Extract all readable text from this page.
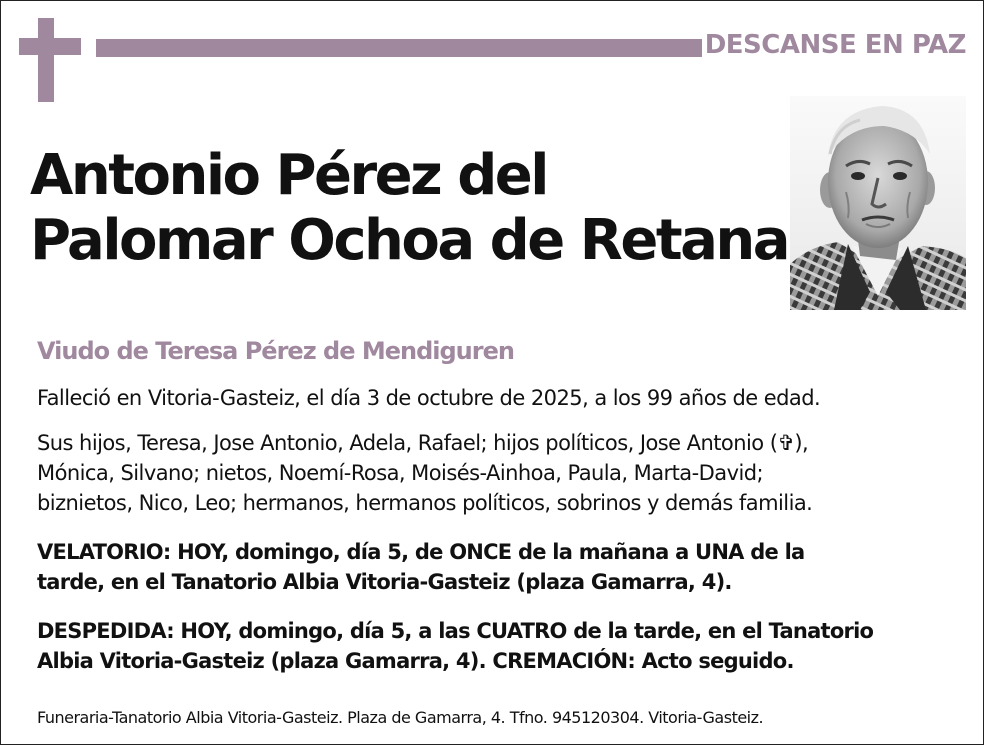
DESCANSE EN PAZ
Antonio Pérez del
Palomar Ochoa de Retana
Viudo de Teresa Pérez de Mendiguren

Falleció en Vitoria-Gasteiz, el día 3 de octubre de 2025, a los 99 años de edad.

Sus hijos, Teresa, Jose Antonio, Adela, Rafael; hijos políticos, Jose Antonio (✞),
Mónica, Silvano; nietos, Noemí-Rosa, Moisés-Ainhoa, Paula, Marta-David;
biznietos, Nico, Leo; hermanos, hermanos políticos, sobrinos y demás familia.

VELATORIO: HOY, domingo, día 5, de ONCE de la mañana a UNA de la
tarde, en el Tanatorio Albia Vitoria-Gasteiz (plaza Gamarra, 4).

DESPEDIDA: HOY, domingo, día 5, a las CUATRO de la tarde, en el Tanatorio
Albia Vitoria-Gasteiz (plaza Gamarra, 4). CREMACIÓN: Acto seguido.

Funeraria-Tanatorio Albia Vitoria-Gasteiz. Plaza de Gamarra, 4. Tfno. 945120304. Vitoria-Gasteiz.
